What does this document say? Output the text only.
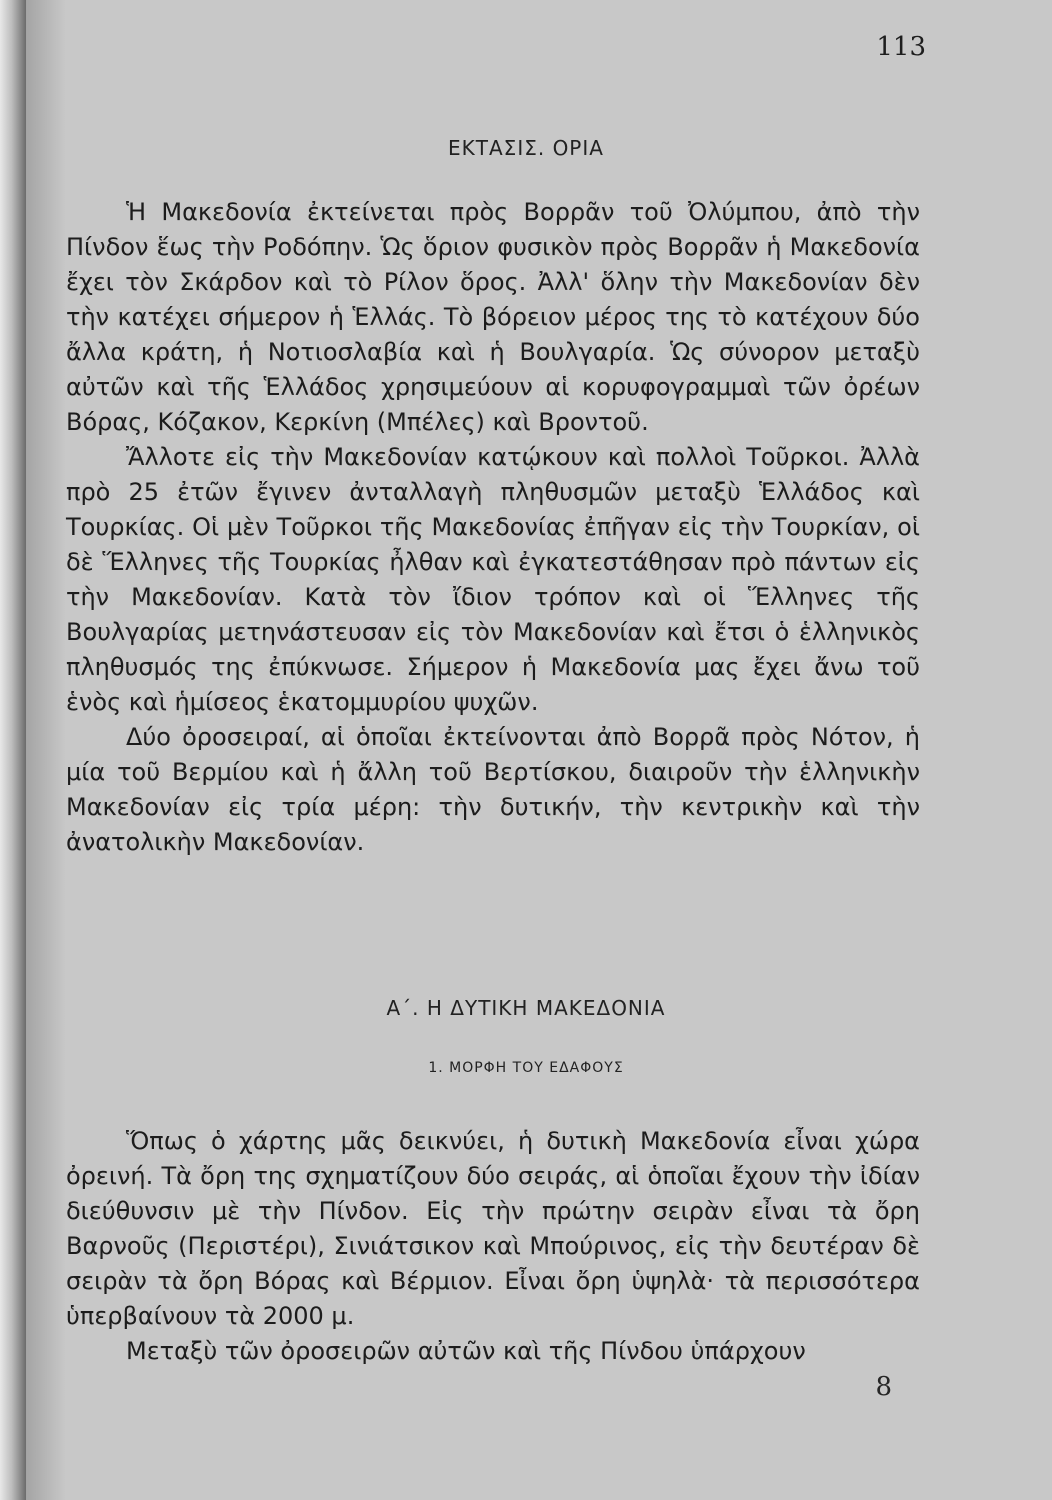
113
ΕΚΤΑΣΙΣ. ΟΡΙΑ

Ἡ Μακεδονία ἐκτείνεται πρὸς Βορρᾶν τοῦ Ὀλύμπου, ἀπὸ τὴν Πίνδον ἕως τὴν Ροδόπην. Ὡς ὅριον φυσικὸν πρὸς Βορρᾶν ἡ Μακεδονία ἔχει τὸν Σκάρδον καὶ τὸ Ρίλον ὅρος. Ἀλλ' ὅλην τὴν Μακεδονίαν δὲν τὴν κατέχει σήμερον ἡ Ἑλλάς. Τὸ βόρειον μέρος της τὸ κατέχουν δύο ἄλλα κράτη, ἡ Νοτιοσλαβία καὶ ἡ Βουλγαρία. Ὡς σύνορον μεταξὺ αὐτῶν καὶ τῆς Ἑλλάδος χρησιμεύουν αἱ κορυφογραμμαὶ τῶν ὀρέων Βόρας, Κόζακον, Κερκίνη (Μπέλες) καὶ Βροντοῦ.

Ἄλλοτε εἰς τὴν Μακεδονίαν κατῴκουν καὶ πολλοὶ Τοῦρκοι. Ἀλλὰ πρὸ 25 ἐτῶν ἔγινεν ἀνταλλαγὴ πληθυσμῶν μεταξὺ Ἑλλάδος καὶ Τουρκίας. Οἱ μὲν Τοῦρκοι τῆς Μακεδονίας ἐπῆγαν εἰς τὴν Τουρκίαν, οἱ δὲ Ἕλληνες τῆς Τουρκίας ἦλθαν καὶ ἐγκατεστάθησαν πρὸ πάντων εἰς τὴν Μακεδονίαν. Κατὰ τὸν ἴδιον τρόπον καὶ οἱ Ἕλληνες τῆς Βουλγαρίας μετηνάστευσαν εἰς τὸν Μακεδονίαν καὶ ἔτσι ὁ ἑλληνικὸς πληθυσμός της ἐπύκνωσε. Σήμερον ἡ Μακεδονία μας ἔχει ἄνω τοῦ ἑνὸς καὶ ἡμίσεος ἑκατομμυρίου ψυχῶν.

Δύο ὀροσειραί, αἱ ὁποῖαι ἐκτείνονται ἀπὸ Βορρᾶ πρὸς Νότον, ἡ μία τοῦ Βερμίου καὶ ἡ ἄλλη τοῦ Βερτίσκου, διαιροῦν τὴν ἑλληνικὴν Μακεδονίαν εἰς τρία μέρη: τὴν δυτικήν, τὴν κεντρικὴν καὶ τὴν ἀνατολικὴν Μακεδονίαν.

Α΄. Η ΔΥΤΙΚΗ ΜΑΚΕΔΟΝΙΑ
1. ΜΟΡΦΗ ΤΟΥ ΕΔΑΦΟΥΣ

Ὅπως ὁ χάρτης μᾶς δεικνύει, ἡ δυτικὴ Μακεδονία εἶναι χώρα ὀρεινή. Τὰ ὄρη της σχηματίζουν δύο σειράς, αἱ ὁποῖαι ἔχουν τὴν ἰδίαν διεύθυνσιν μὲ τὴν Πίνδον. Εἰς τὴν πρώτην σειρὰν εἶναι τὰ ὄρη Βαρνοῦς (Περιστέρι), Σινιάτσικον καὶ Μπούρινος, εἰς τὴν δευτέραν δὲ σειρὰν τὰ ὄρη Βόρας καὶ Βέρμιον. Εἶναι ὄρη ὑψηλὰ· τὰ περισσότερα ὑπερβαίνουν τὰ 2000 μ.

Μεταξὺ τῶν ὀροσειρῶν αὐτῶν καὶ τῆς Πίνδου ὑπάρχουν

8
